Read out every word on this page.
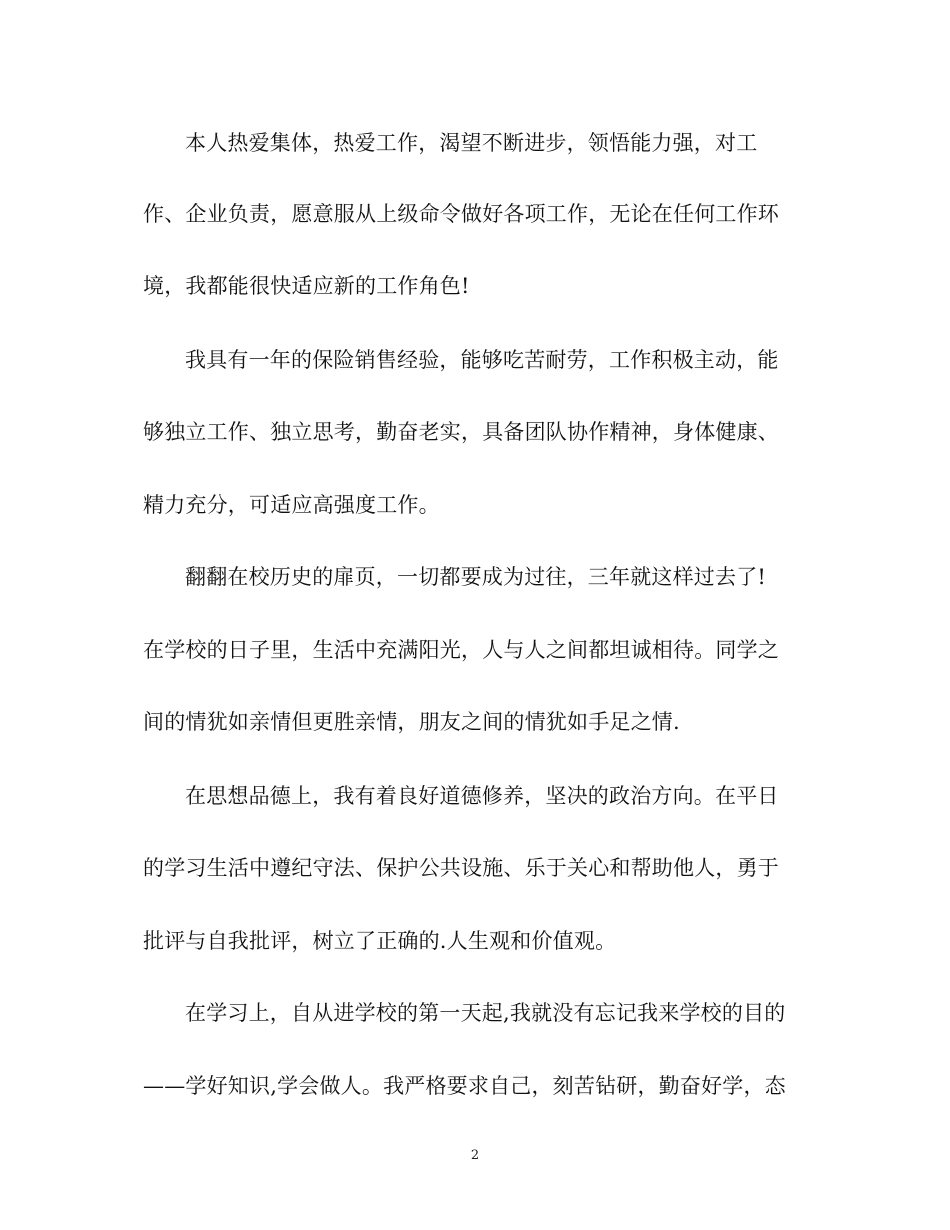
本人热爱集体，热爱工作，渴望不断进步，领悟能力强，对工
作、企业负责，愿意服从上级命令做好各项工作，无论在任何工作环
境，我都能很快适应新的工作角色!
我具有一年的保险销售经验，能够吃苦耐劳，工作积极主动，能
够独立工作、独立思考，勤奋老实，具备团队协作精神，身体健康、
精力充分，可适应高强度工作。
翻翻在校历史的扉页，一切都要成为过往，三年就这样过去了!
在学校的日子里，生活中充满阳光，人与人之间都坦诚相待。同学之
间的情犹如亲情但更胜亲情，朋友之间的情犹如手足之情.
在思想品德上，我有着良好道德修养，坚决的政治方向。在平日
的学习生活中遵纪守法、保护公共设施、乐于关心和帮助他人，勇于
批评与自我批评，树立了正确的.人生观和价值观。
在学习上，自从进学校的第一天起,我就没有忘记我来学校的目的
——学好知识,学会做人。我严格要求自己，刻苦钻研，勤奋好学，态
2
